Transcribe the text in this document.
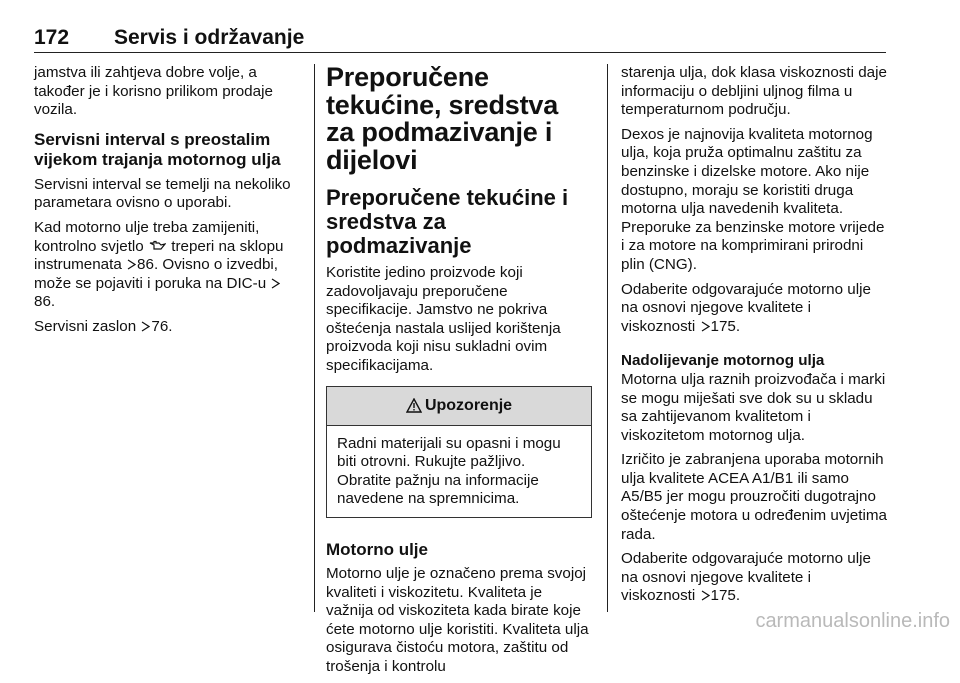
172 Servis i održavanje

jamstva ili zahtjeva dobre volje, a također je i korisno prilikom prodaje vozila.

Servisni interval s preostalim vijekom trajanja motornog ulja

Servisni interval se temelji na nekoliko parametara ovisno o uporabi.

Kad motorno ulje treba zamijeniti, kontrolno svjetlo treperi na sklopu instrumenata 86. Ovisno o izvedbi, može se pojaviti i poruka na DIC-u 86.

Servisni zaslon 76.

Preporučene tekućine, sredstva za podmazivanje i dijelovi
Preporučene tekućine i sredstva za podmazivanje

Koristite jedino proizvode koji zadovoljavaju preporučene specifikacije. Jamstvo ne pokriva oštećenja nastala uslijed korištenja proizvoda koji nisu sukladni ovim specifikacijama.

Upozorenje

Radni materijali su opasni i mogu biti otrovni. Rukujte pažljivo. Obratite pažnju na informacije navedene na spremnicima.

Motorno ulje

Motorno ulje je označeno prema svojoj kvaliteti i viskozitetu. Kvaliteta je važnija od viskoziteta kada birate koje ćete motorno ulje koristiti. Kvaliteta ulja osigurava čistoću motora, zaštitu od trošenja i kontrolu

starenja ulja, dok klasa viskoznosti daje informaciju o debljini uljnog filma u temperaturnom području.

Dexos je najnovija kvaliteta motornog ulja, koja pruža optimalnu zaštitu za benzinske i dizelske motore. Ako nije dostupno, moraju se koristiti druga motorna ulja navedenih kvaliteta. Preporuke za benzinske motore vrijede i za motore na komprimirani prirodni plin (CNG).

Odaberite odgovarajuće motorno ulje na osnovi njegove kvalitete i viskoznosti 175.

Nadolijevanje motornog ulja

Motorna ulja raznih proizvođača i marki se mogu miješati sve dok su u skladu sa zahtijevanom kvalitetom i viskozitetom motornog ulja.

Izričito je zabranjena uporaba motornih ulja kvalitete ACEA A1/B1 ili samo A5/B5 jer mogu prouzročiti dugotrajno oštećenje motora u određenim uvjetima rada.

Odaberite odgovarajuće motorno ulje na osnovi njegove kvalitete i viskoznosti 175.

carmanualsonline.info
